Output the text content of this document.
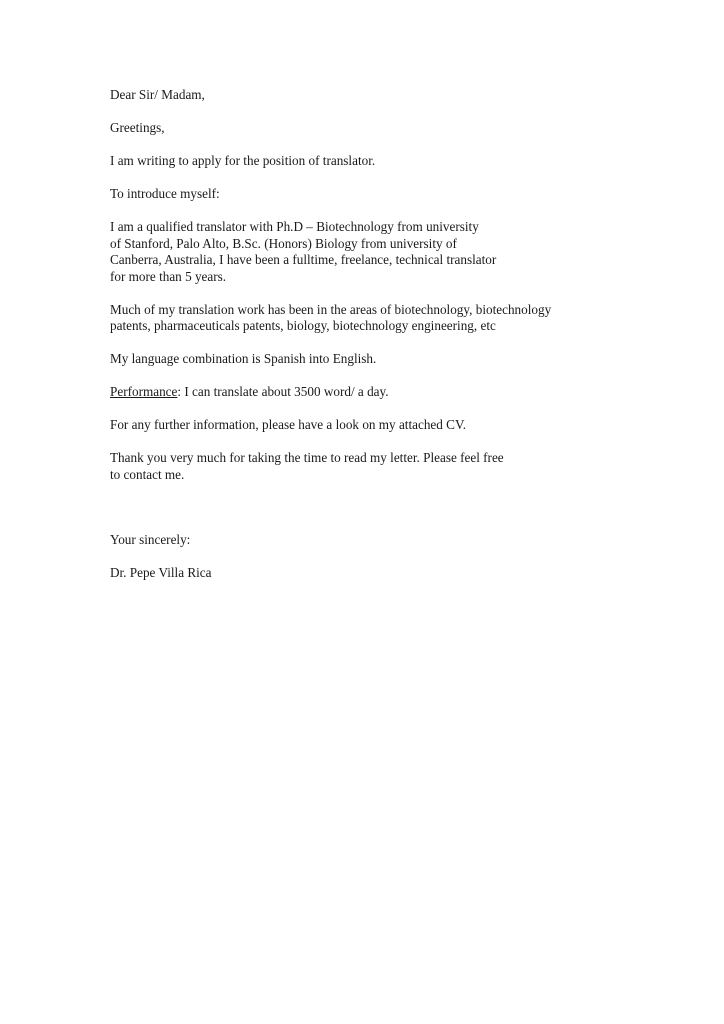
Dear Sir/ Madam,

Greetings,

I am writing to apply for the position of translator.

To introduce myself:

I am a qualified translator with Ph.D – Biotechnology from university
of Stanford, Palo Alto, B.Sc. (Honors) Biology from university of
Canberra, Australia, I have been a fulltime, freelance, technical translator
for more than 5 years.

Much of my translation work has been in the areas of biotechnology, biotechnology
patents, pharmaceuticals patents, biology, biotechnology engineering, etc

My language combination is Spanish into English.

Performance: I can translate about 3500 word/ a day.

For any further information, please have a look on my attached CV.

Thank you very much for taking the time to read my letter. Please feel free
to contact me.

Your sincerely:

Dr. Pepe Villa Rica
